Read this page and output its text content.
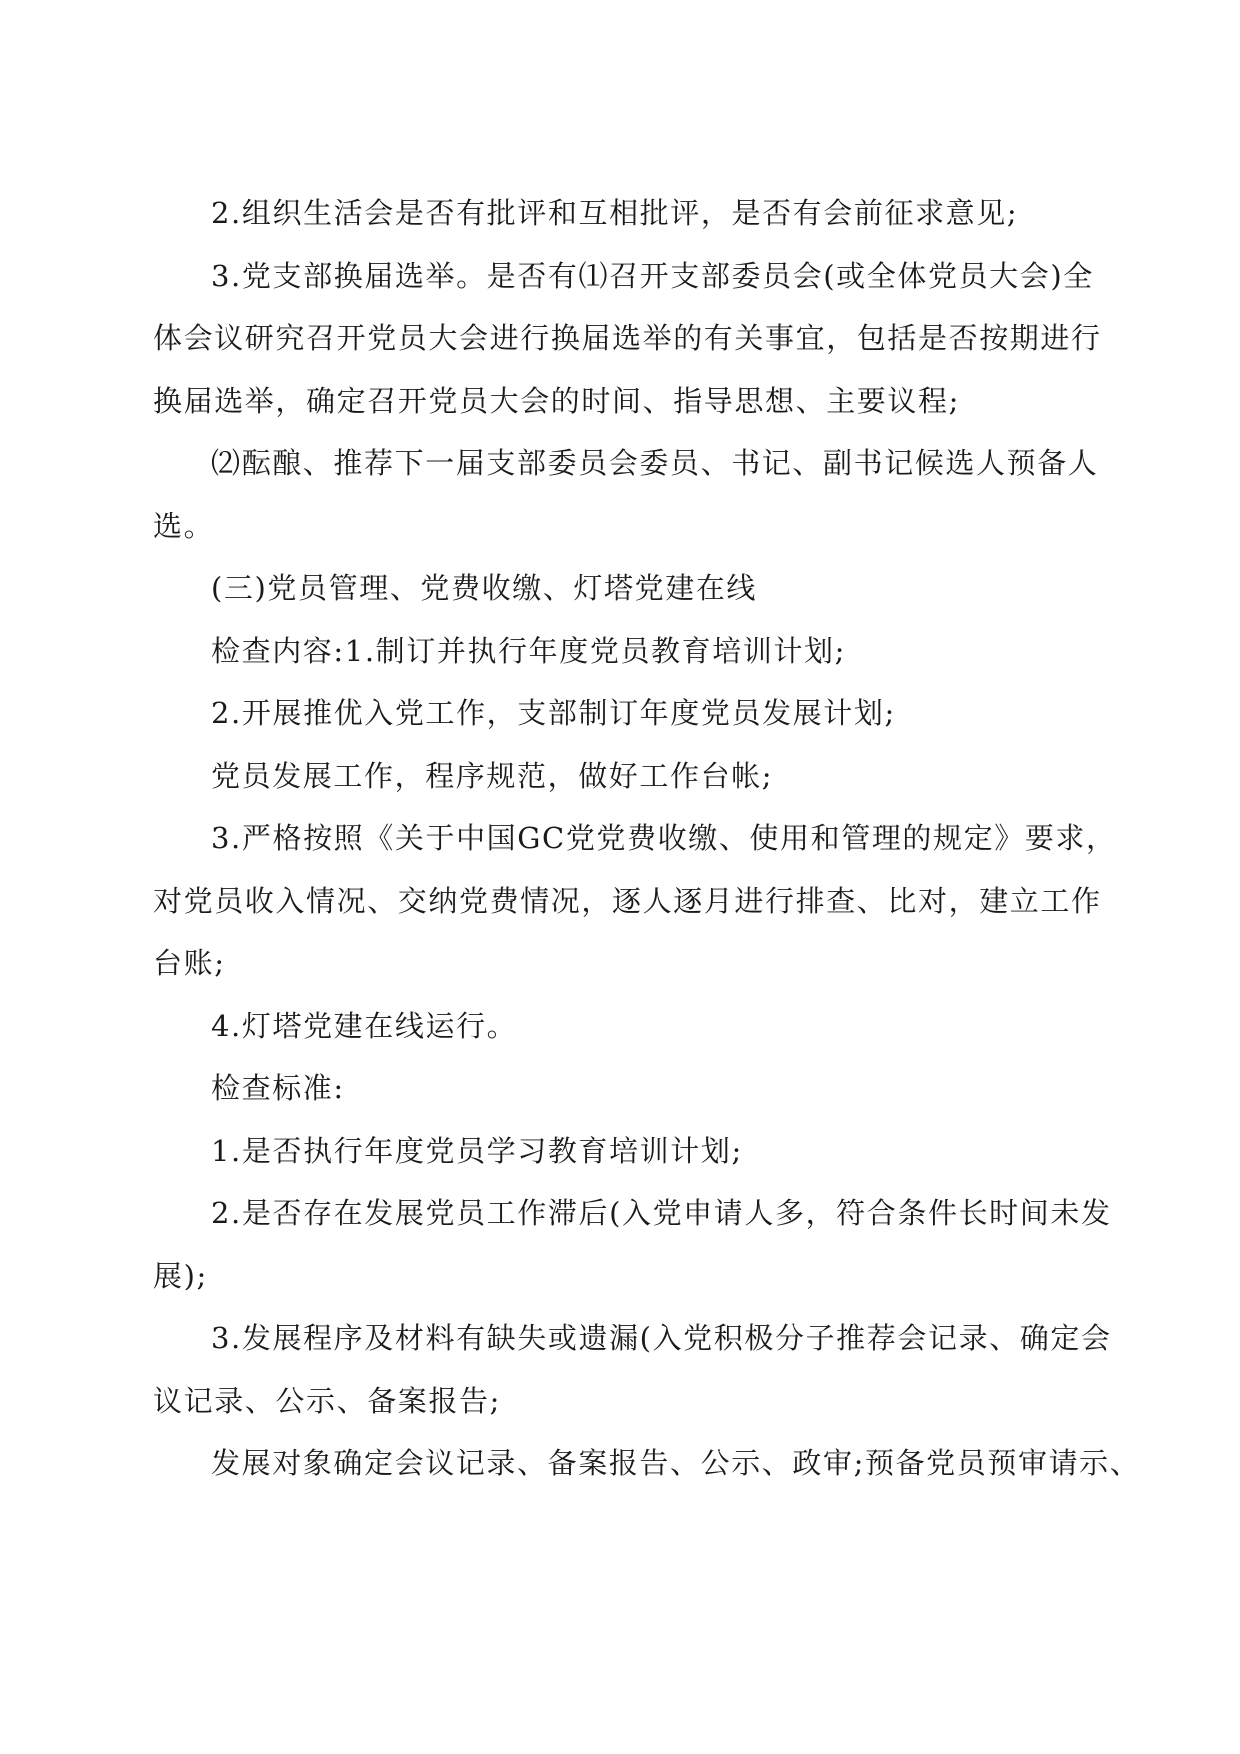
2.组织生活会是否有批评和互相批评，是否有会前征求意见;
3.党支部换届选举。是否有⑴召开支部委员会(或全体党员大会)全
体会议研究召开党员大会进行换届选举的有关事宜，包括是否按期进行
换届选举，确定召开党员大会的时间、指导思想、主要议程;
⑵酝酿、推荐下一届支部委员会委员、书记、副书记候选人预备人
选。
(三)党员管理、党费收缴、灯塔党建在线
检查内容:1.制订并执行年度党员教育培训计划;
2.开展推优入党工作，支部制订年度党员发展计划;
党员发展工作，程序规范，做好工作台帐;
3.严格按照《关于中国GC党党费收缴、使用和管理的规定》要求，
对党员收入情况、交纳党费情况，逐人逐月进行排查、比对，建立工作
台账;
4.灯塔党建在线运行。
检查标准:
1.是否执行年度党员学习教育培训计划;
2.是否存在发展党员工作滞后(入党申请人多，符合条件长时间未发
展);
3.发展程序及材料有缺失或遗漏(入党积极分子推荐会记录、确定会
议记录、公示、备案报告;
发展对象确定会议记录、备案报告、公示、政审;预备党员预审请示、
